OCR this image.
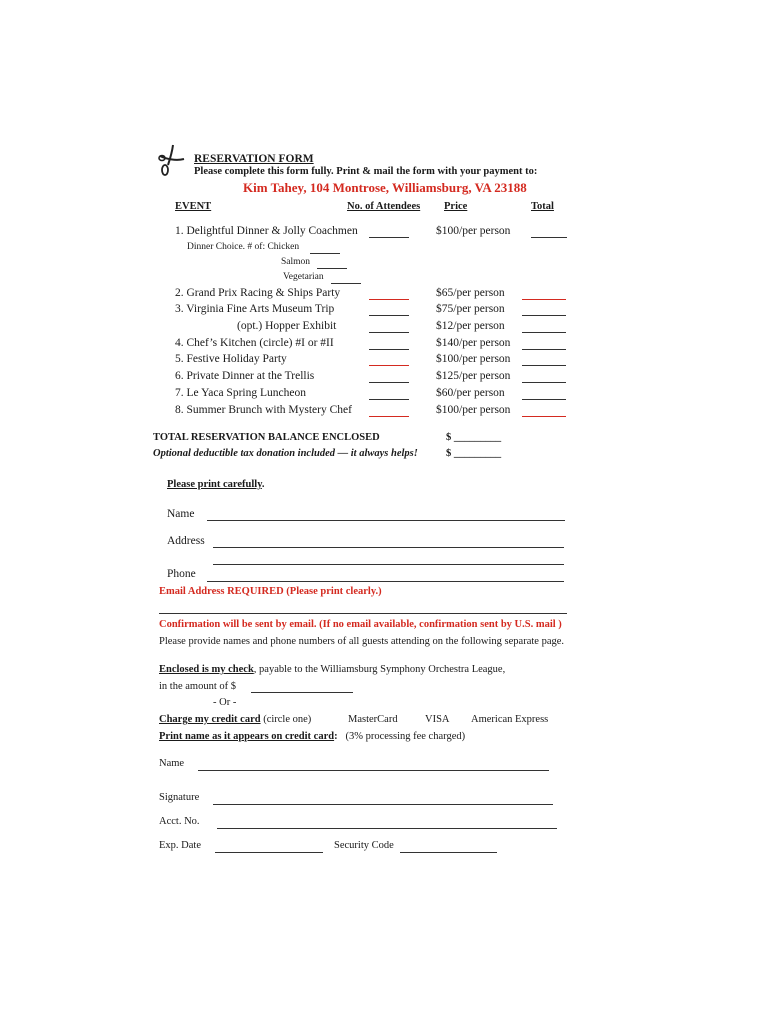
RESERVATION FORM
Please complete this form fully. Print & mail the form with your payment to:
Kim Tahey, 104 Montrose, Williamsburg, VA 23188
EVENT	No. of Attendees Price	Total
1. Delightful Dinner & Jolly Coachmen	$100/per person
Dinner Choice. # of: Chicken
Salmon
Vegetarian
2. Grand Prix Racing & Ships Party	$65/per person
3. Virginia Fine Arts Museum Trip	$75/per person
(opt.) Hopper Exhibit	$12/per person
4. Chef’s Kitchen (circle) #I or #II	$140/per person
5. Festive Holiday Party	$100/per person
6. Private Dinner at the Trellis	$125/per person
7. Le Yaca Spring Luncheon	$60/per person
8. Summer Brunch with Mystery Chef	$100/per person
TOTAL RESERVATION BALANCE ENCLOSED	$ _________
Optional deductible tax donation included — it always helps!	$ _________
Please print carefully.
Name
Address
Phone
Email Address REQUIRED (Please print clearly.)
Confirmation will be sent by email. (If no email available, confirmation sent by U.S. mail )
Please provide names and phone numbers of all guests attending on the following separate page.
Enclosed is my check, payable to the Williamsburg Symphony Orchestra League,
in the amount of $
- Or -
Charge my credit card (circle one)	MasterCard	VISA American Express
Print name as it appears on credit card: (3% processing fee charged)
Name
Signature
Acct. No.
Exp. Date	Security Code
